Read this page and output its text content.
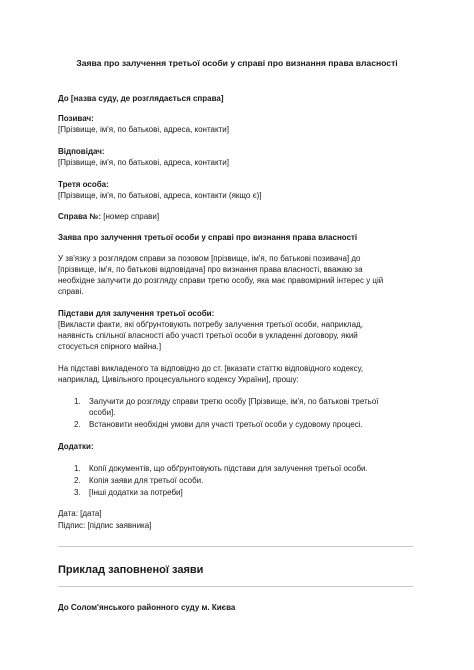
Заява про залучення третьої особи у справі про визнання права власності
До [назва суду, де розглядається справа]
Позивач:
[Прізвище, ім'я, по батькові, адреса, контакти]
Відповідач:
[Прізвище, ім'я, по батькові, адреса, контакти]
Третя особа:
[Прізвище, ім'я, по батькові, адреса, контакти (якщо є)]
Справа №: [номер справи]
Заява про залучення третьої особи у справі про визнання права власності
У зв'язку з розглядом справи за позовом [прізвище, ім'я, по батькові позивача] до
[прізвище, ім'я, по батькові відповідача] про визнання права власності, вважаю за
необхідне залучити до розгляду справи третю особу, яка має правомірний інтерес у цій
справі.
Підстави для залучення третьої особи:
[Викласти факти, які обґрунтовують потребу залучення третьої особи, наприклад,
наявність спільної власності або участі третьої особи в укладенні договору, який
стосується спірного майна.]
На підставі викладеного та відповідно до ст. [вказати статтю відповідного кодексу,
наприклад, Цивільного процесуального кодексу України], прошу:
1. Залучити до розгляду справи третю особу [Прізвище, ім'я, по батькові третьої
особи].
2. Встановити необхідні умови для участі третьої особи у судовому процесі.
Додатки:
1. Копії документів, що обґрунтовують підстави для залучення третьої особи.
2. Копія заяви для третьої особи.
3. [Інші додатки за потреби]
Дата: [дата]
Підпис: [підпис заявника]
Приклад заповненої заяви
До Солом'янського районного суду м. Києва
